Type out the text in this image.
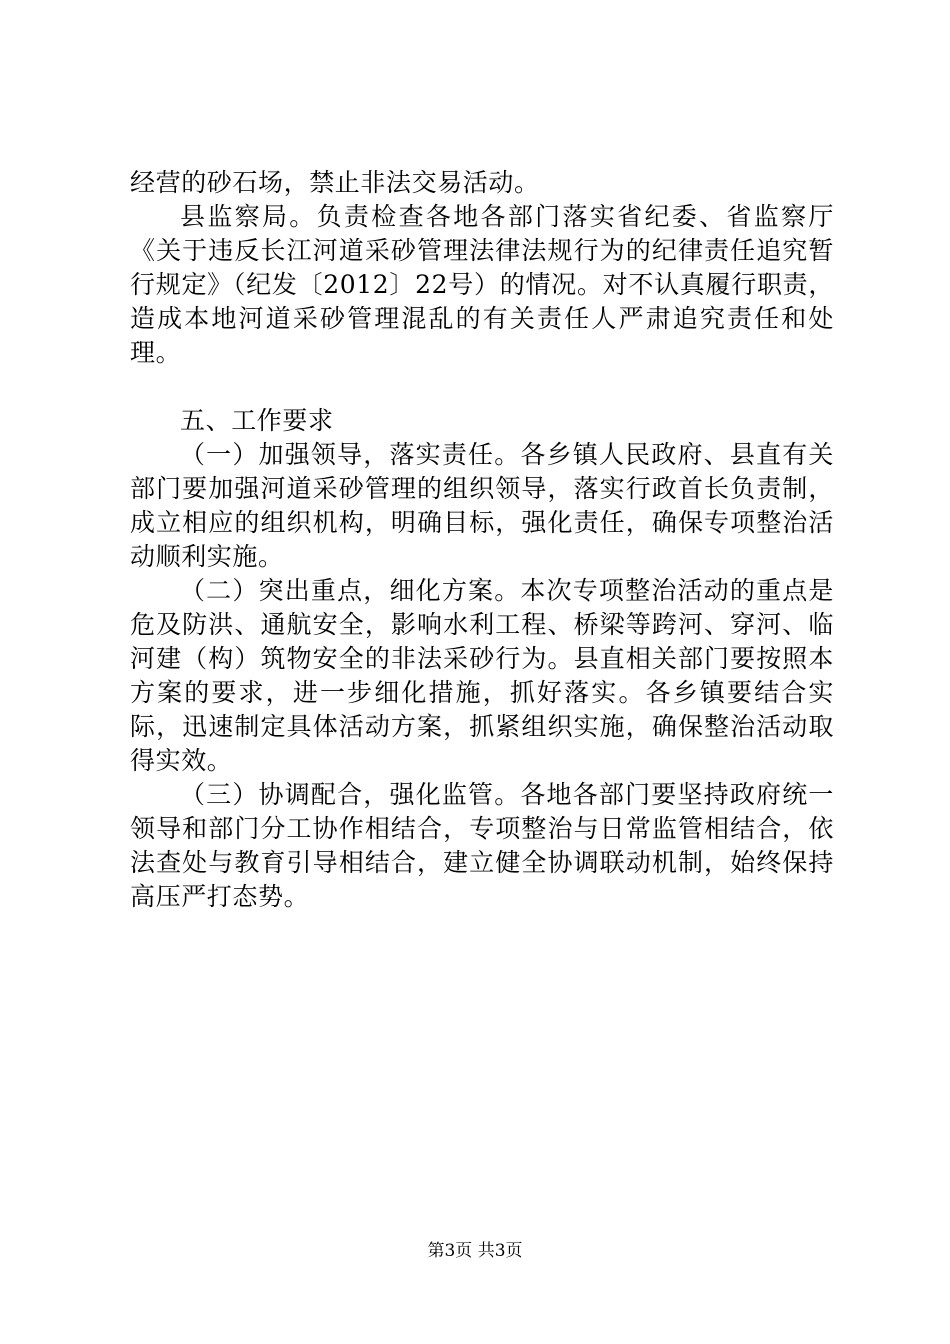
经营的砂石场，禁止非法交易活动。

县监察局。负责检查各地各部门落实省纪委、省监察厅《关于违反长江河道采砂管理法律法规行为的纪律责任追究暂行规定》（纪发〔2012〕22号）的情况。对不认真履行职责，造成本地河道采砂管理混乱的有关责任人严肃追究责任和处理。

五、工作要求

（一）加强领导，落实责任。各乡镇人民政府、县直有关部门要加强河道采砂管理的组织领导，落实行政首长负责制，成立相应的组织机构，明确目标，强化责任，确保专项整治活动顺利实施。

（二）突出重点，细化方案。本次专项整治活动的重点是危及防洪、通航安全，影响水利工程、桥梁等跨河、穿河、临河建（构）筑物安全的非法采砂行为。县直相关部门要按照本方案的要求，进一步细化措施，抓好落实。各乡镇要结合实际，迅速制定具体活动方案，抓紧组织实施，确保整治活动取得实效。

（三）协调配合，强化监管。各地各部门要坚持政府统一领导和部门分工协作相结合，专项整治与日常监管相结合，依法查处与教育引导相结合，建立健全协调联动机制，始终保持高压严打态势。

第3页 共3页
